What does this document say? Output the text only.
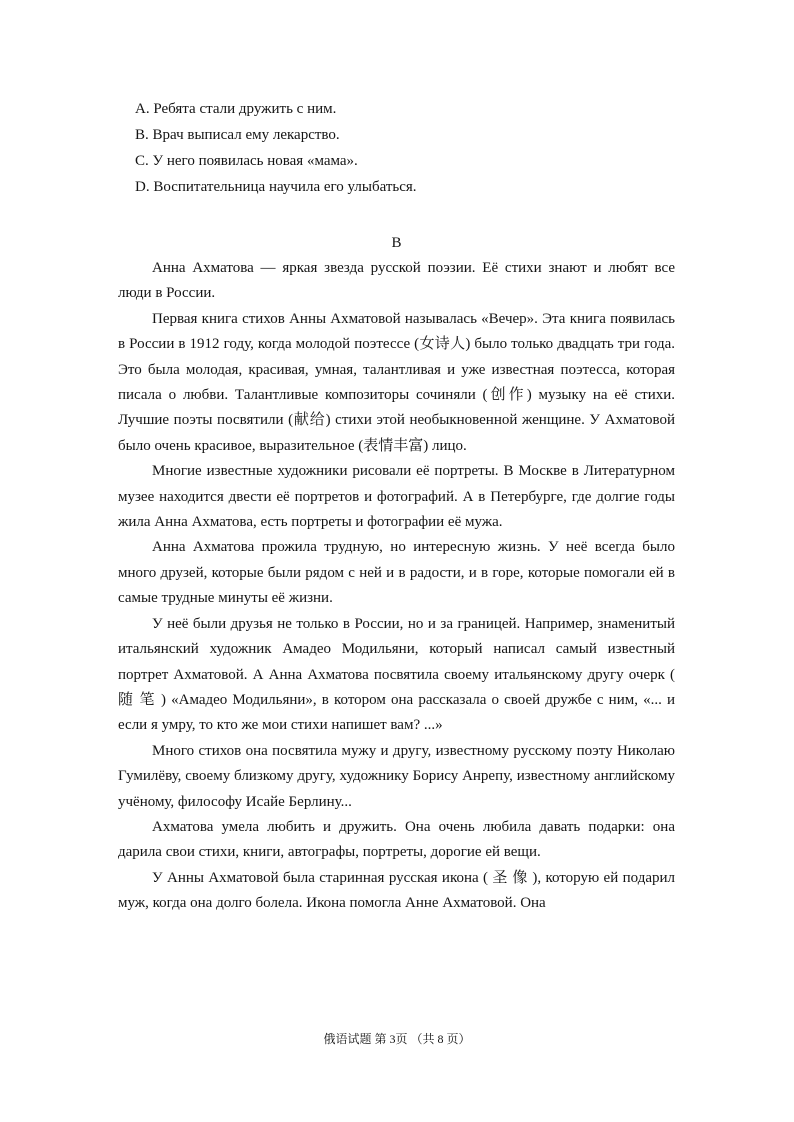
A. Ребята стали дружить с ним.

B. Врач выписал ему лекарство.

C. У него появилась новая «мама».

D. Воспитательница научила его улыбаться.

B

Анна Ахматова — яркая звезда русской поэзии. Её стихи знают и любят все люди в России.

Первая книга стихов Анны Ахматовой называлась «Вечер». Эта книга появилась в России в 1912 году, когда молодой поэтессе (女诗人) было только двадцать три года. Это была молодая, красивая, умная, талантливая и уже известная поэтесса, которая писала о любви. Талантливые композиторы сочиняли (创作) музыку на её стихи. Лучшие поэты посвятили (献给) стихи этой необыкновенной женщине. У Ахматовой было очень красивое, выразительное (表情丰富) лицо.

Многие известные художники рисовали её портреты. В Москве в Литературном музее находится двести её портретов и фотографий. А в Петербурге, где долгие годы жила Анна Ахматова, есть портреты и фотографии её мужа.

Анна Ахматова прожила трудную, но интересную жизнь. У неё всегда было много друзей, которые были рядом с ней и в радости, и в горе, которые помогали ей в самые трудные минуты её жизни.

У неё были друзья не только в России, но и за границей. Например, знаменитый итальянский художник Амадео Модильяни, который написал самый известный портрет Ахматовой. А Анна Ахматова посвятила своему итальянскому другу очерк ( 随 笔 ) «Амадео Модильяни», в котором она рассказала о своей дружбе с ним, «... и если я умру, то кто же мои стихи напишет вам? ...»

Много стихов она посвятила мужу и другу, известному русскому поэту Николаю Гумилёву, своему близкому другу, художнику Борису Анрепу, известному английскому учёному, философу Исайе Берлину...

Ахматова умела любить и дружить. Она очень любила давать подарки: она дарила свои стихи, книги, автографы, портреты, дорогие ей вещи.

У Анны Ахматовой была старинная русская икона ( 圣 像 ), которую ей подарил муж, когда она долго болела. Икона помогла Анне Ахматовой. Она

俄语试题 第 3页 （共 8 页）
